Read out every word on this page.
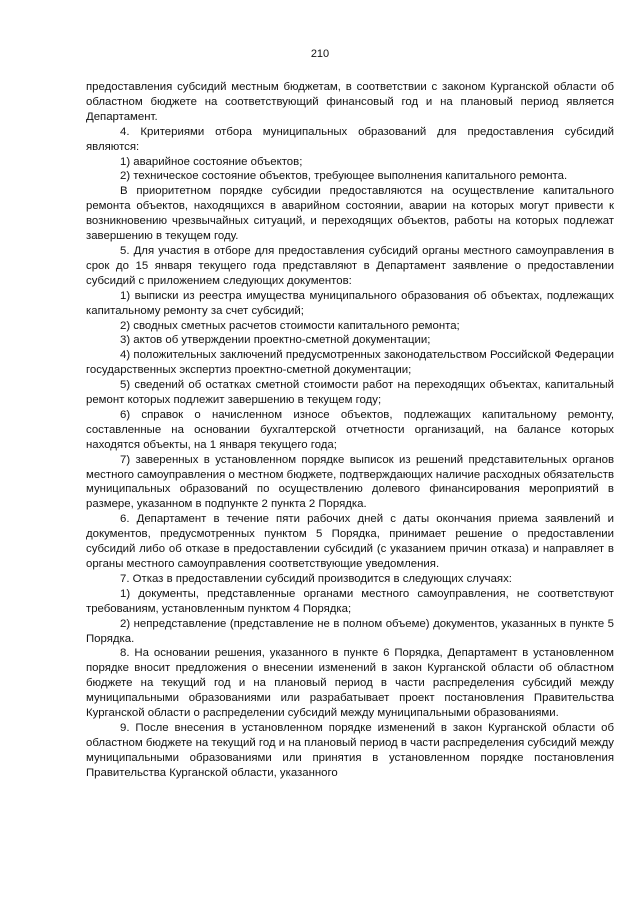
210

предоставления субсидий местным бюджетам, в соответствии с законом Курганской области об областном бюджете на соответствующий финансовый год и на плановый период является Департамент.

4. Критериями отбора муниципальных образований для предоставления субсидий являются:

1) аварийное состояние объектов;

2) техническое состояние объектов, требующее выполнения капитального ремонта.

В приоритетном порядке субсидии предоставляются на осуществление капитального ремонта объектов, находящихся в аварийном состоянии, аварии на которых могут привести к возникновению чрезвычайных ситуаций, и переходящих объектов, работы на которых подлежат завершению в текущем году.

5. Для участия в отборе для предоставления субсидий органы местного самоуправления в срок до 15 января текущего года представляют в Департамент заявление о предоставлении субсидий с приложением следующих документов:

1) выписки из реестра имущества муниципального образования об объектах, подлежащих капитальному ремонту за счет субсидий;

2) сводных сметных расчетов стоимости капитального ремонта;

3) актов об утверждении проектно-сметной документации;

4) положительных заключений предусмотренных законодательством Российской Федерации государственных экспертиз проектно-сметной документации;

5) сведений об остатках сметной стоимости работ на переходящих объектах, капитальный ремонт которых подлежит завершению в текущем году;

6) справок о начисленном износе объектов, подлежащих капитальному ремонту, составленные на основании бухгалтерской отчетности организаций, на балансе которых находятся объекты, на 1 января текущего года;

7) заверенных в установленном порядке выписок из решений представительных органов местного самоуправления о местном бюджете, подтверждающих наличие расходных обязательств муниципальных образований по осуществлению долевого финансирования мероприятий в размере, указанном в подпункте 2 пункта 2 Порядка.

6. Департамент в течение пяти рабочих дней с даты окончания приема заявлений и документов, предусмотренных пунктом 5 Порядка, принимает решение о предоставлении субсидий либо об отказе в предоставлении субсидий (с указанием причин отказа) и направляет в органы местного самоуправления соответствующие уведомления.

7. Отказ в предоставлении субсидий производится в следующих случаях:

1) документы, представленные органами местного самоуправления, не соответствуют требованиям, установленным пунктом 4 Порядка;

2) непредставление (представление не в полном объеме) документов, указанных в пункте 5 Порядка.

8. На основании решения, указанного в пункте 6 Порядка, Департамент в установленном порядке вносит предложения о внесении изменений в закон Курганской области об областном бюджете на текущий год и на плановый период в части распределения субсидий между муниципальными образованиями или разрабатывает проект постановления Правительства Курганской области о распределении субсидий между муниципальными образованиями.

9. После внесения в установленном порядке изменений в закон Курганской области об областном бюджете на текущий год и на плановый период в части распределения субсидий между муниципальными образованиями или принятия в установленном порядке постановления Правительства Курганской области, указанного
